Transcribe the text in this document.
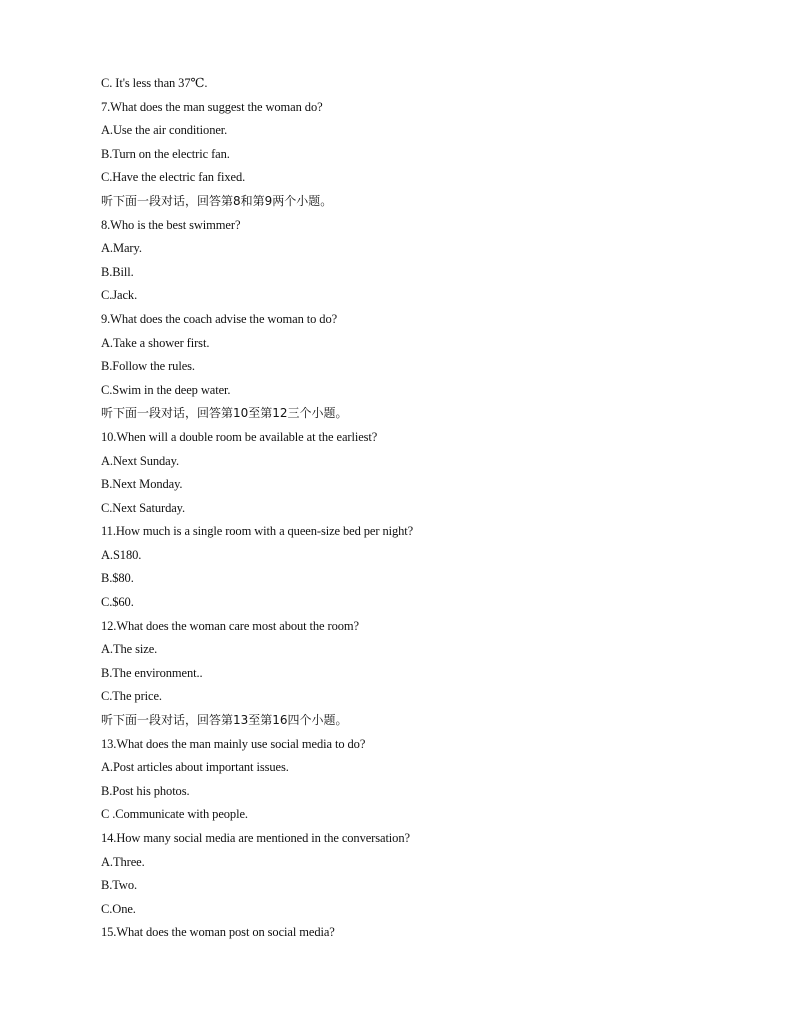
C. It's less than 37℃.
7.What does the man suggest the woman do?
A.Use the air conditioner.
B.Turn on the electric fan.
C.Have the electric fan fixed.
听下面一段对话，回答第8和第9两个小题。
8.Who is the best swimmer?
A.Mary.
B.Bill.
C.Jack.
9.What does the coach advise the woman to do?
A.Take a shower first.
B.Follow the rules.
C.Swim in the deep water.
听下面一段对话，回答第10至第12三个小题。
10.When will a double room be available at the earliest?
A.Next Sunday.
B.Next Monday.
C.Next Saturday.
11.How much is a single room with a queen-size bed per night?
A.S180.
B.$80.
C.$60.
12.What does the woman care most about the room?
A.The size.
B.The environment..
C.The price.
听下面一段对话，回答第13至第16四个小题。
13.What does the man mainly use social media to do?
A.Post articles about important issues.
B.Post his photos.
C .Communicate with people.
14.How many social media are mentioned in the conversation?
A.Three.
B.Two.
C.One.
15.What does the woman post on social media?
